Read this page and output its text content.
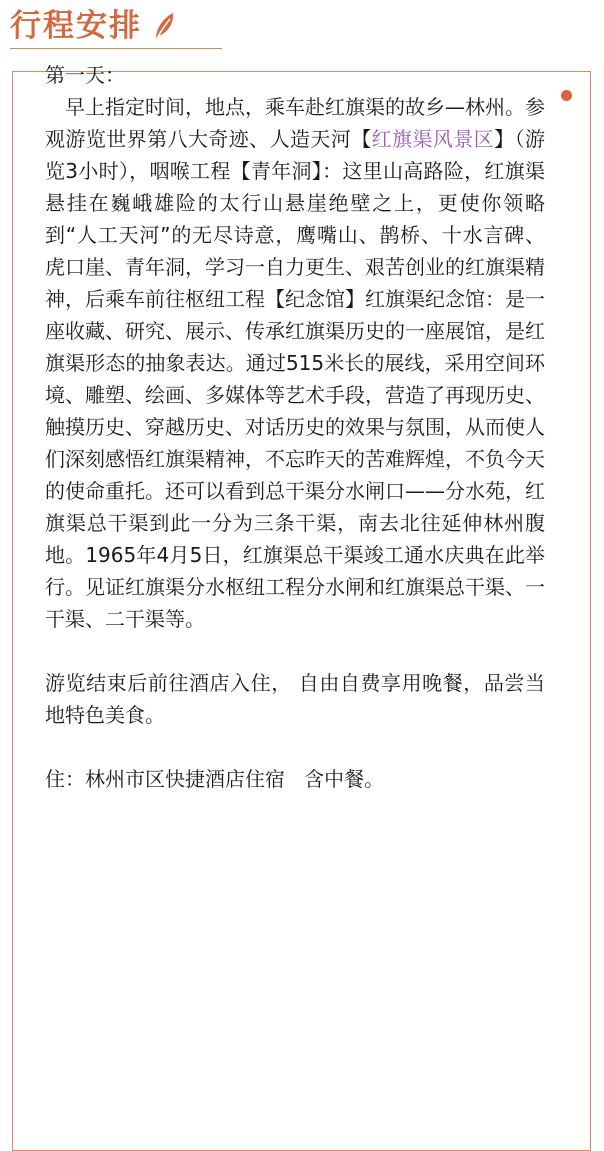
行程安排

第一天：

早上指定时间，地点，乘车赴红旗渠的故乡—林州。参观游览世界第八大奇迹、人造天河【红旗渠风景区】（游览3小时），咽喉工程【青年洞】：这里山高路险，红旗渠悬挂在巍峨雄险的太行山悬崖绝壁之上，更使你领略到“人工天河”的无尽诗意，鹰嘴山、鹊桥、十水言碑、虎口崖、青年洞，学习一自力更生、艰苦创业的红旗渠精神，后乘车前往枢纽工程【纪念馆】红旗渠纪念馆：是一座收藏、研究、展示、传承红旗渠历史的一座展馆，是红旗渠形态的抽象表达。通过515米长的展线，采用空间环境、雕塑、绘画、多媒体等艺术手段，营造了再现历史、触摸历史、穿越历史、对话历史的效果与氛围，从而使人们深刻感悟红旗渠精神，不忘昨天的苦难辉煌，不负今天的使命重托。还可以看到总干渠分水闸口——分水苑，红旗渠总干渠到此一分为三条干渠，南去北往延伸林州腹地。1965年4月5日，红旗渠总干渠竣工通水庆典在此举行。见证红旗渠分水枢纽工程分水闸和红旗渠总干渠、一干渠、二干渠等。

游览结束后前往酒店入住， 自由自费享用晚餐，品尝当地特色美食。

住：林州市区快捷酒店住宿   含中餐。
